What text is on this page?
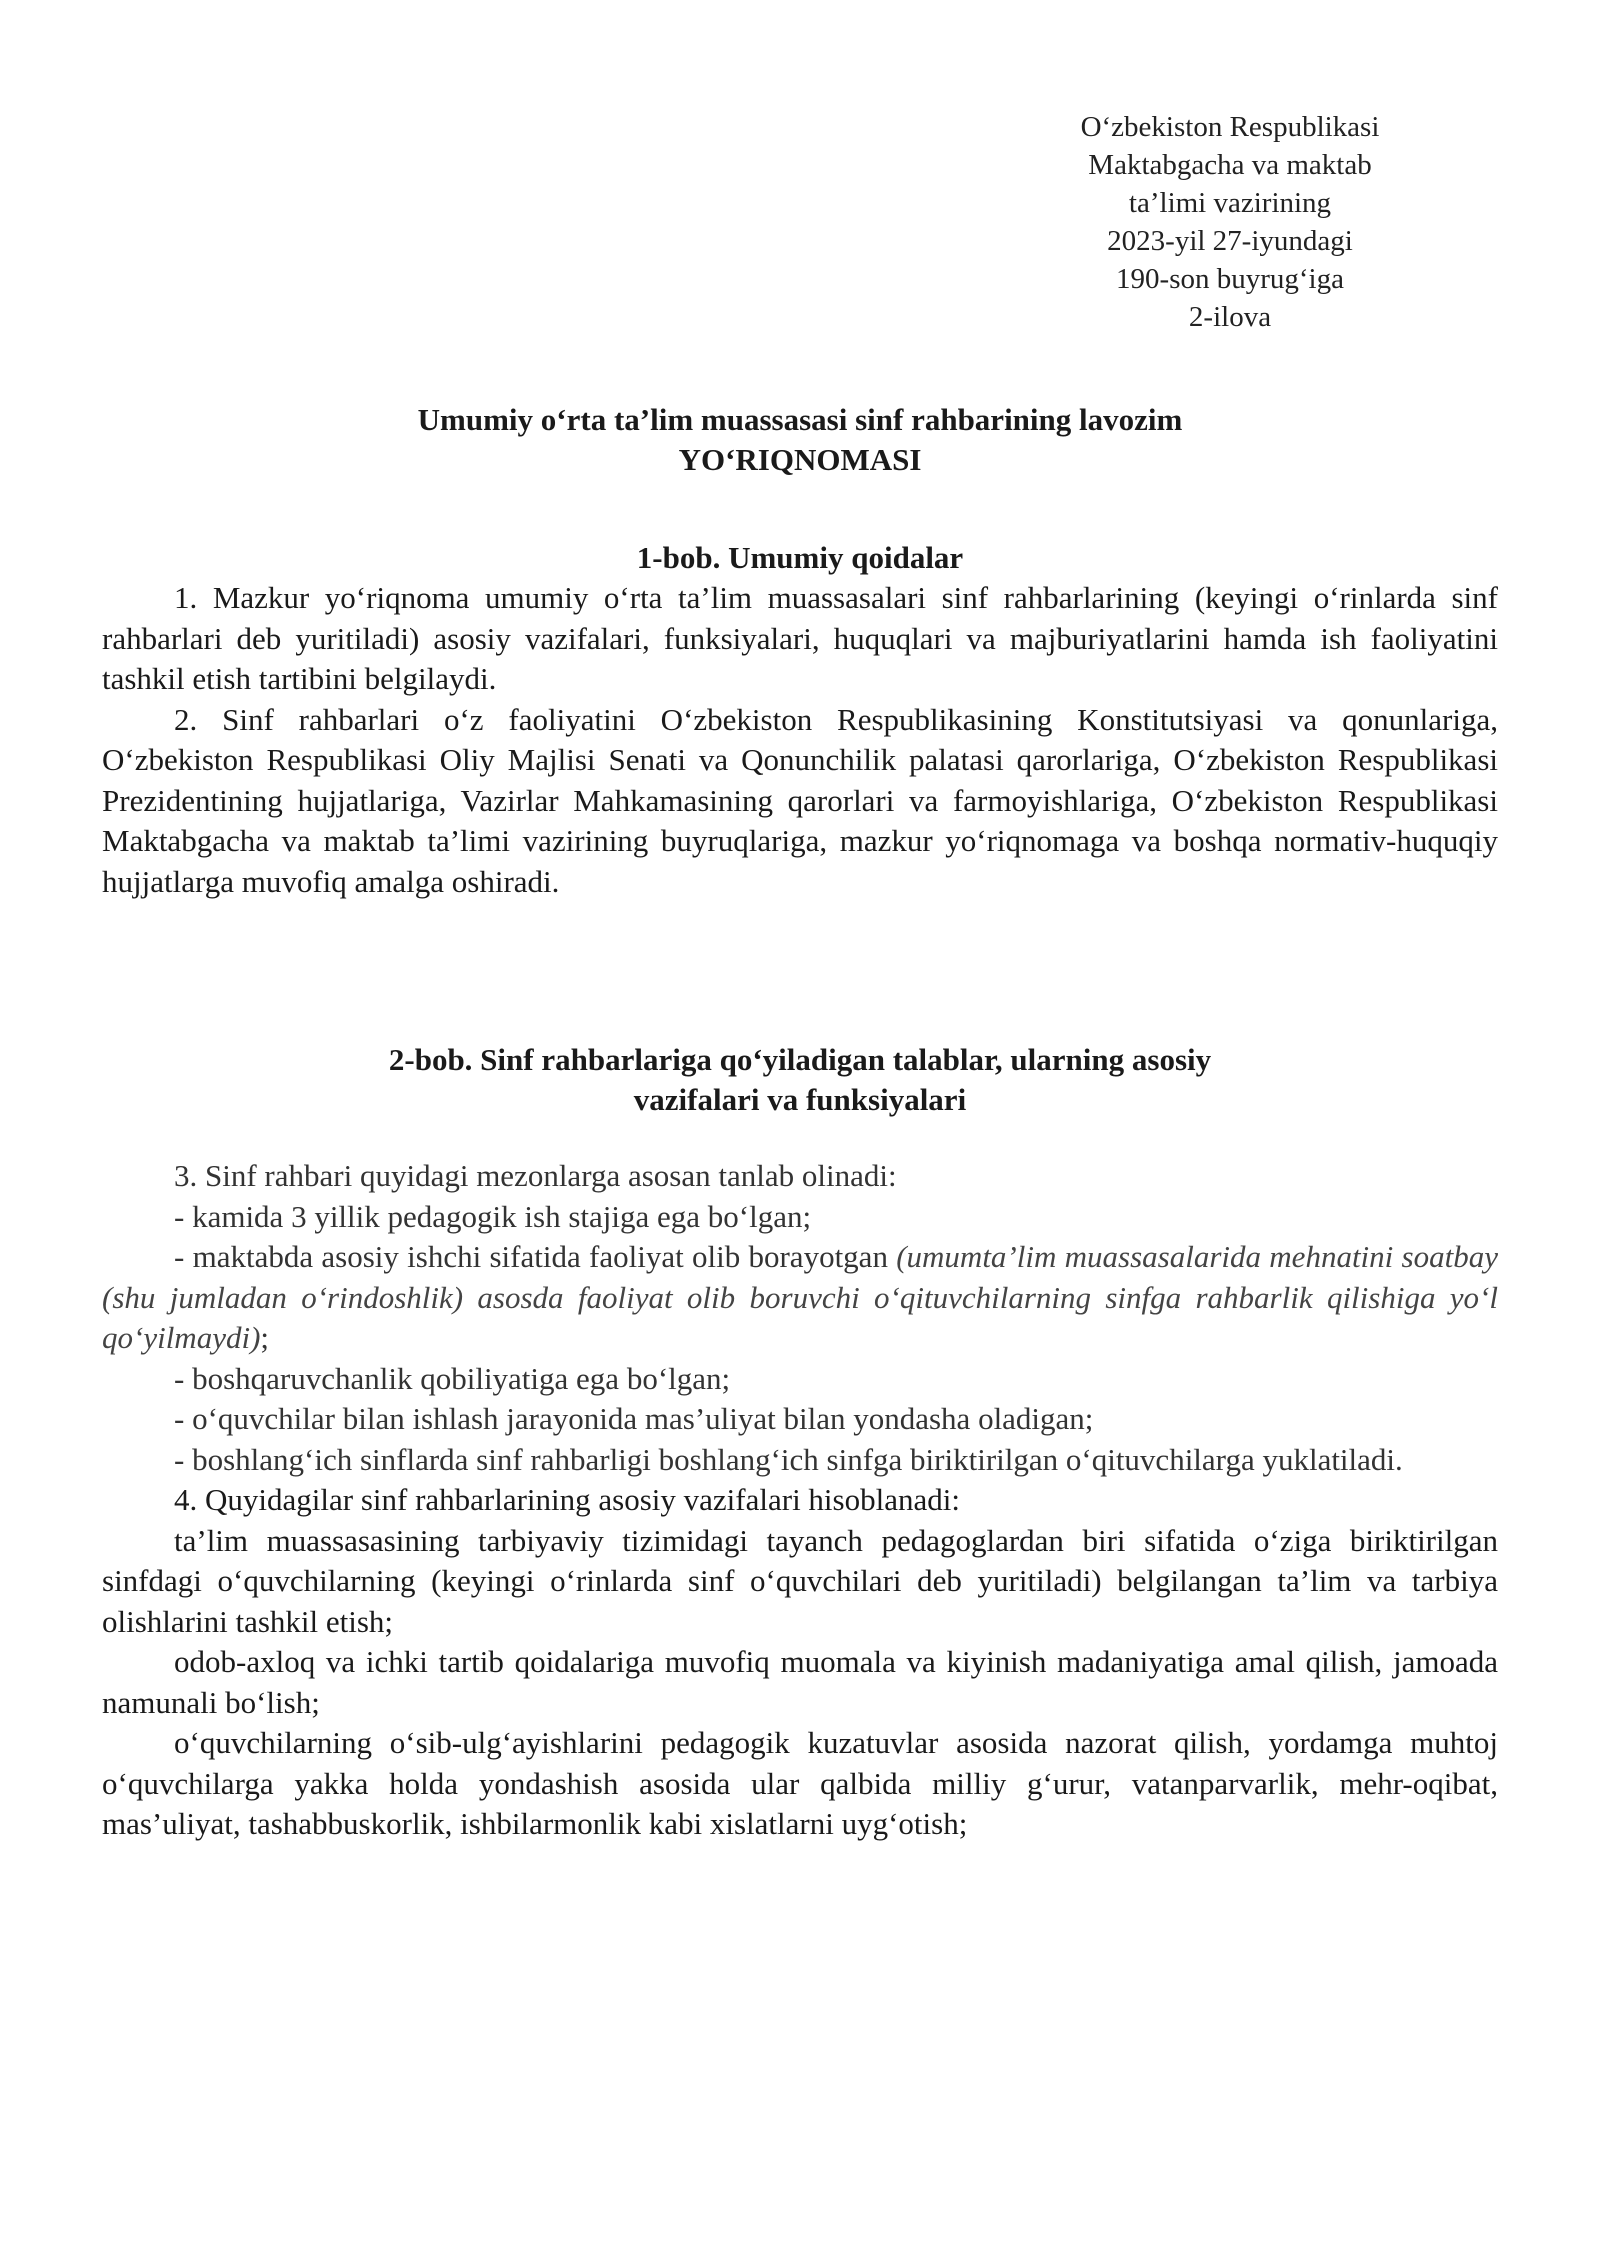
O‘zbekiston Respublikasi
Maktabgacha va maktab
ta’limi vazirining
2023-yil 27-iyundagi
190-son buyrug‘iga
2-ilova
Umumiy o‘rta ta’lim muassasasi sinf rahbarining lavozim
YO‘RIQNOMASI
1-bob. Umumiy qoidalar

1. Mazkur yo‘riqnoma umumiy o‘rta ta’lim muassasalari sinf rahbarlarining (keyingi o‘rinlarda sinf rahbarlari deb yuritiladi) asosiy vazifalari, funksiyalari, huquqlari va majburiyatlarini hamda ish faoliyatini tashkil etish tartibini belgilaydi.

2. Sinf rahbarlari o‘z faoliyatini O‘zbekiston Respublikasining Konstitutsiyasi va qonunlariga, O‘zbekiston Respublikasi Oliy Majlisi Senati va Qonunchilik palatasi qarorlariga, O‘zbekiston Respublikasi Prezidentining hujjatlariga, Vazirlar Mahkamasining qarorlari va farmoyishlariga, O‘zbekiston Respublikasi Maktabgacha va maktab ta’limi vazirining buyruqlariga, mazkur yo‘riqnomaga va boshqa normativ-huquqiy hujjatlarga muvofiq amalga oshiradi.

2-bob. Sinf rahbarlariga qo‘yiladigan talablar, ularning asosiy
vazifalari va funksiyalari

3. Sinf rahbari quyidagi mezonlarga asosan tanlab olinadi:

- kamida 3 yillik pedagogik ish stajiga ega bo‘lgan;

- maktabda asosiy ishchi sifatida faoliyat olib borayotgan (umumta’lim muassasalarida mehnatini soatbay (shu jumladan o‘rindoshlik) asosda faoliyat olib boruvchi o‘qituvchilarning sinfga rahbarlik qilishiga yo‘l qo‘yilmaydi);

- boshqaruvchanlik qobiliyatiga ega bo‘lgan;

- o‘quvchilar bilan ishlash jarayonida mas’uliyat bilan yondasha oladigan;

- boshlang‘ich sinflarda sinf rahbarligi boshlang‘ich sinfga biriktirilgan o‘qituvchilarga yuklatiladi.

4. Quyidagilar sinf rahbarlarining asosiy vazifalari hisoblanadi:

ta’lim muassasasining tarbiyaviy tizimidagi tayanch pedagoglardan biri sifatida o‘ziga biriktirilgan sinfdagi o‘quvchilarning (keyingi o‘rinlarda sinf o‘quvchilari deb yuritiladi) belgilangan ta’lim va tarbiya olishlarini tashkil etish;

odob-axloq va ichki tartib qoidalariga muvofiq muomala va kiyinish madaniyatiga amal qilish, jamoada namunali bo‘lish;

o‘quvchilarning o‘sib-ulg‘ayishlarini pedagogik kuzatuvlar asosida nazorat qilish, yordamga muhtoj o‘quvchilarga yakka holda yondashish asosida ular qalbida milliy g‘urur, vatanparvarlik, mehr-oqibat, mas’uliyat, tashabbuskorlik, ishbilarmonlik kabi xislatlarni uyg‘otish;
